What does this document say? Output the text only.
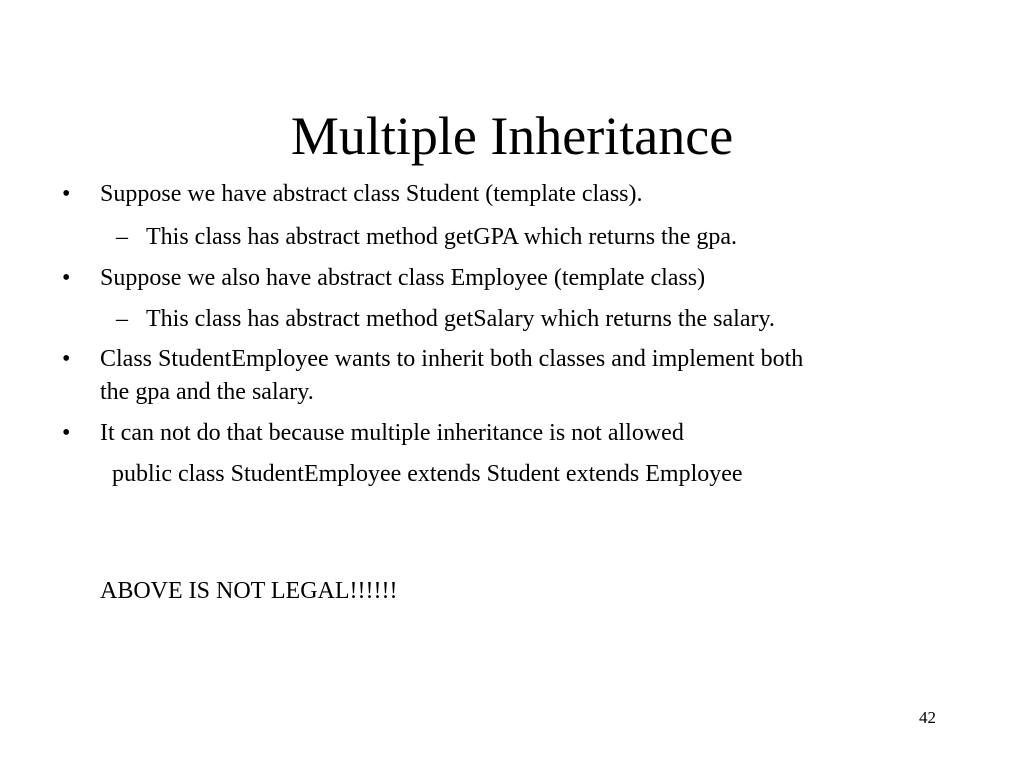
Multiple Inheritance
• Suppose we have abstract class Student (template class).
– This class has abstract method getGPA which returns the gpa.
• Suppose we also have abstract class Employee (template class)
– This class has abstract method getSalary which returns the salary.
• Class StudentEmployee wants to inherit both classes and implement both
the gpa and the salary.
• It can not do that because multiple inheritance is not allowed
public class StudentEmployee extends Student extends Employee
ABOVE IS NOT LEGAL!!!!!!
42
